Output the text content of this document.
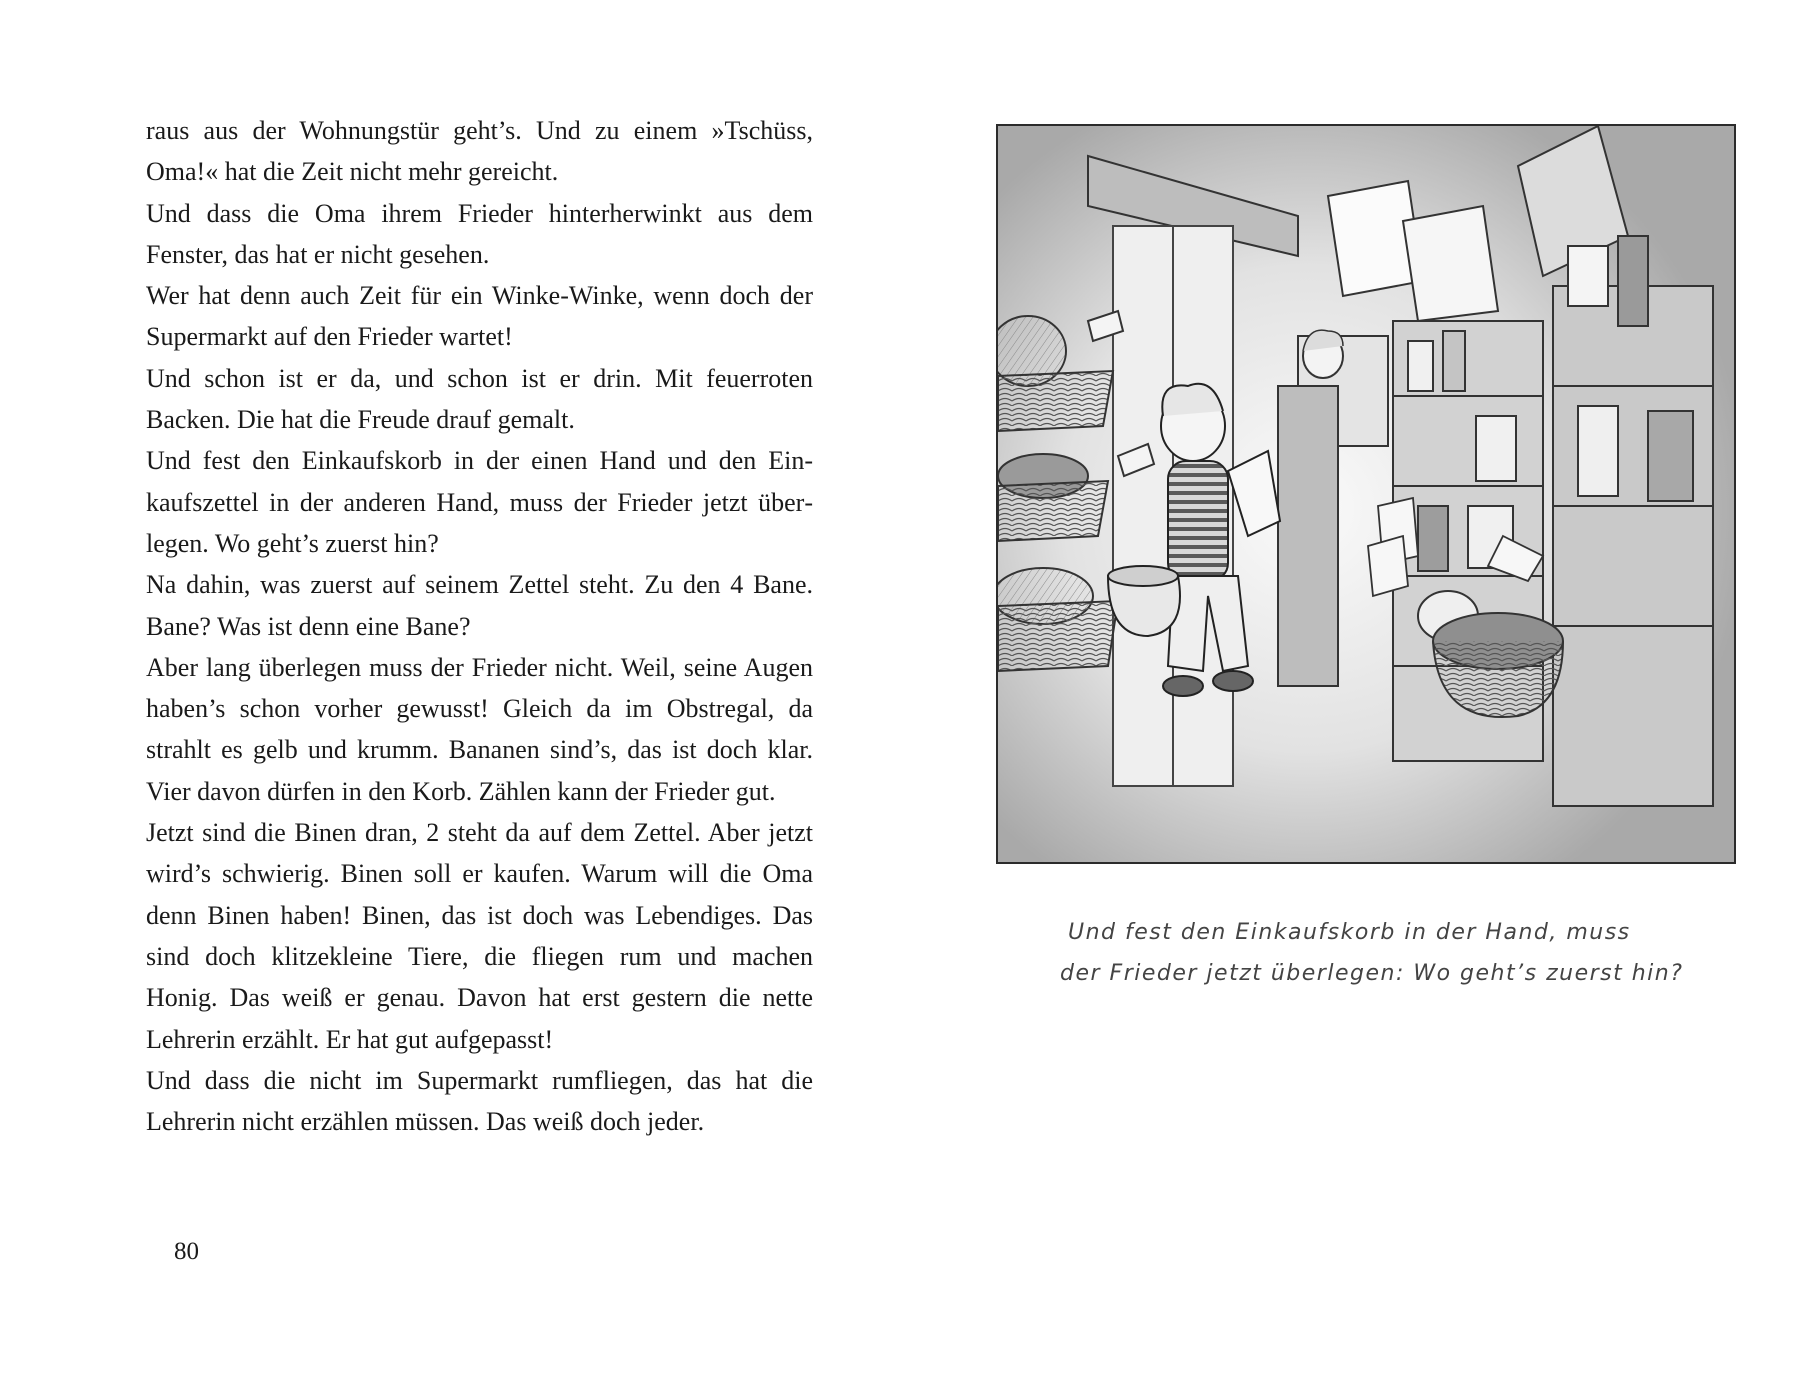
raus aus der Wohnungstür geht’s. Und zu einem »Tschüss, Oma!« hat die Zeit nicht mehr gereicht.

Und dass die Oma ihrem Frieder hinterherwinkt aus dem Fenster, das hat er nicht gesehen.

Wer hat denn auch Zeit für ein Winke-Winke, wenn doch der Supermarkt auf den Frieder wartet!

Und schon ist er da, und schon ist er drin. Mit feuerroten Backen. Die hat die Freude drauf gemalt.

Und fest den Einkaufskorb in der einen Hand und den Einkaufszettel in der anderen Hand, muss der Frieder jetzt überlegen. Wo geht’s zuerst hin?

Na dahin, was zuerst auf seinem Zettel steht. Zu den 4 Bane. Bane? Was ist denn eine Bane?

Aber lang überlegen muss der Frieder nicht. Weil, seine Augen haben’s schon vorher gewusst! Gleich da im Obstregal, da strahlt es gelb und krumm. Bananen sind’s, das ist doch klar. Vier davon dürfen in den Korb. Zählen kann der Frieder gut.

Jetzt sind die Binen dran, 2 steht da auf dem Zettel. Aber jetzt wird’s schwierig. Binen soll er kaufen. Warum will die Oma denn Binen haben! Binen, das ist doch was Lebendiges. Das sind doch klitzekleine Tiere, die fliegen rum und machen Honig. Das weiß er genau. Davon hat erst gestern die nette Lehrerin erzählt. Er hat gut aufgepasst!

Und dass die nicht im Supermarkt rumfliegen, das hat die Lehrerin nicht erzählen müssen. Das weiß doch jeder.

80
Und fest den Einkaufskorb in der Hand, muss
der Frieder jetzt überlegen: Wo geht’s zuerst hin?
